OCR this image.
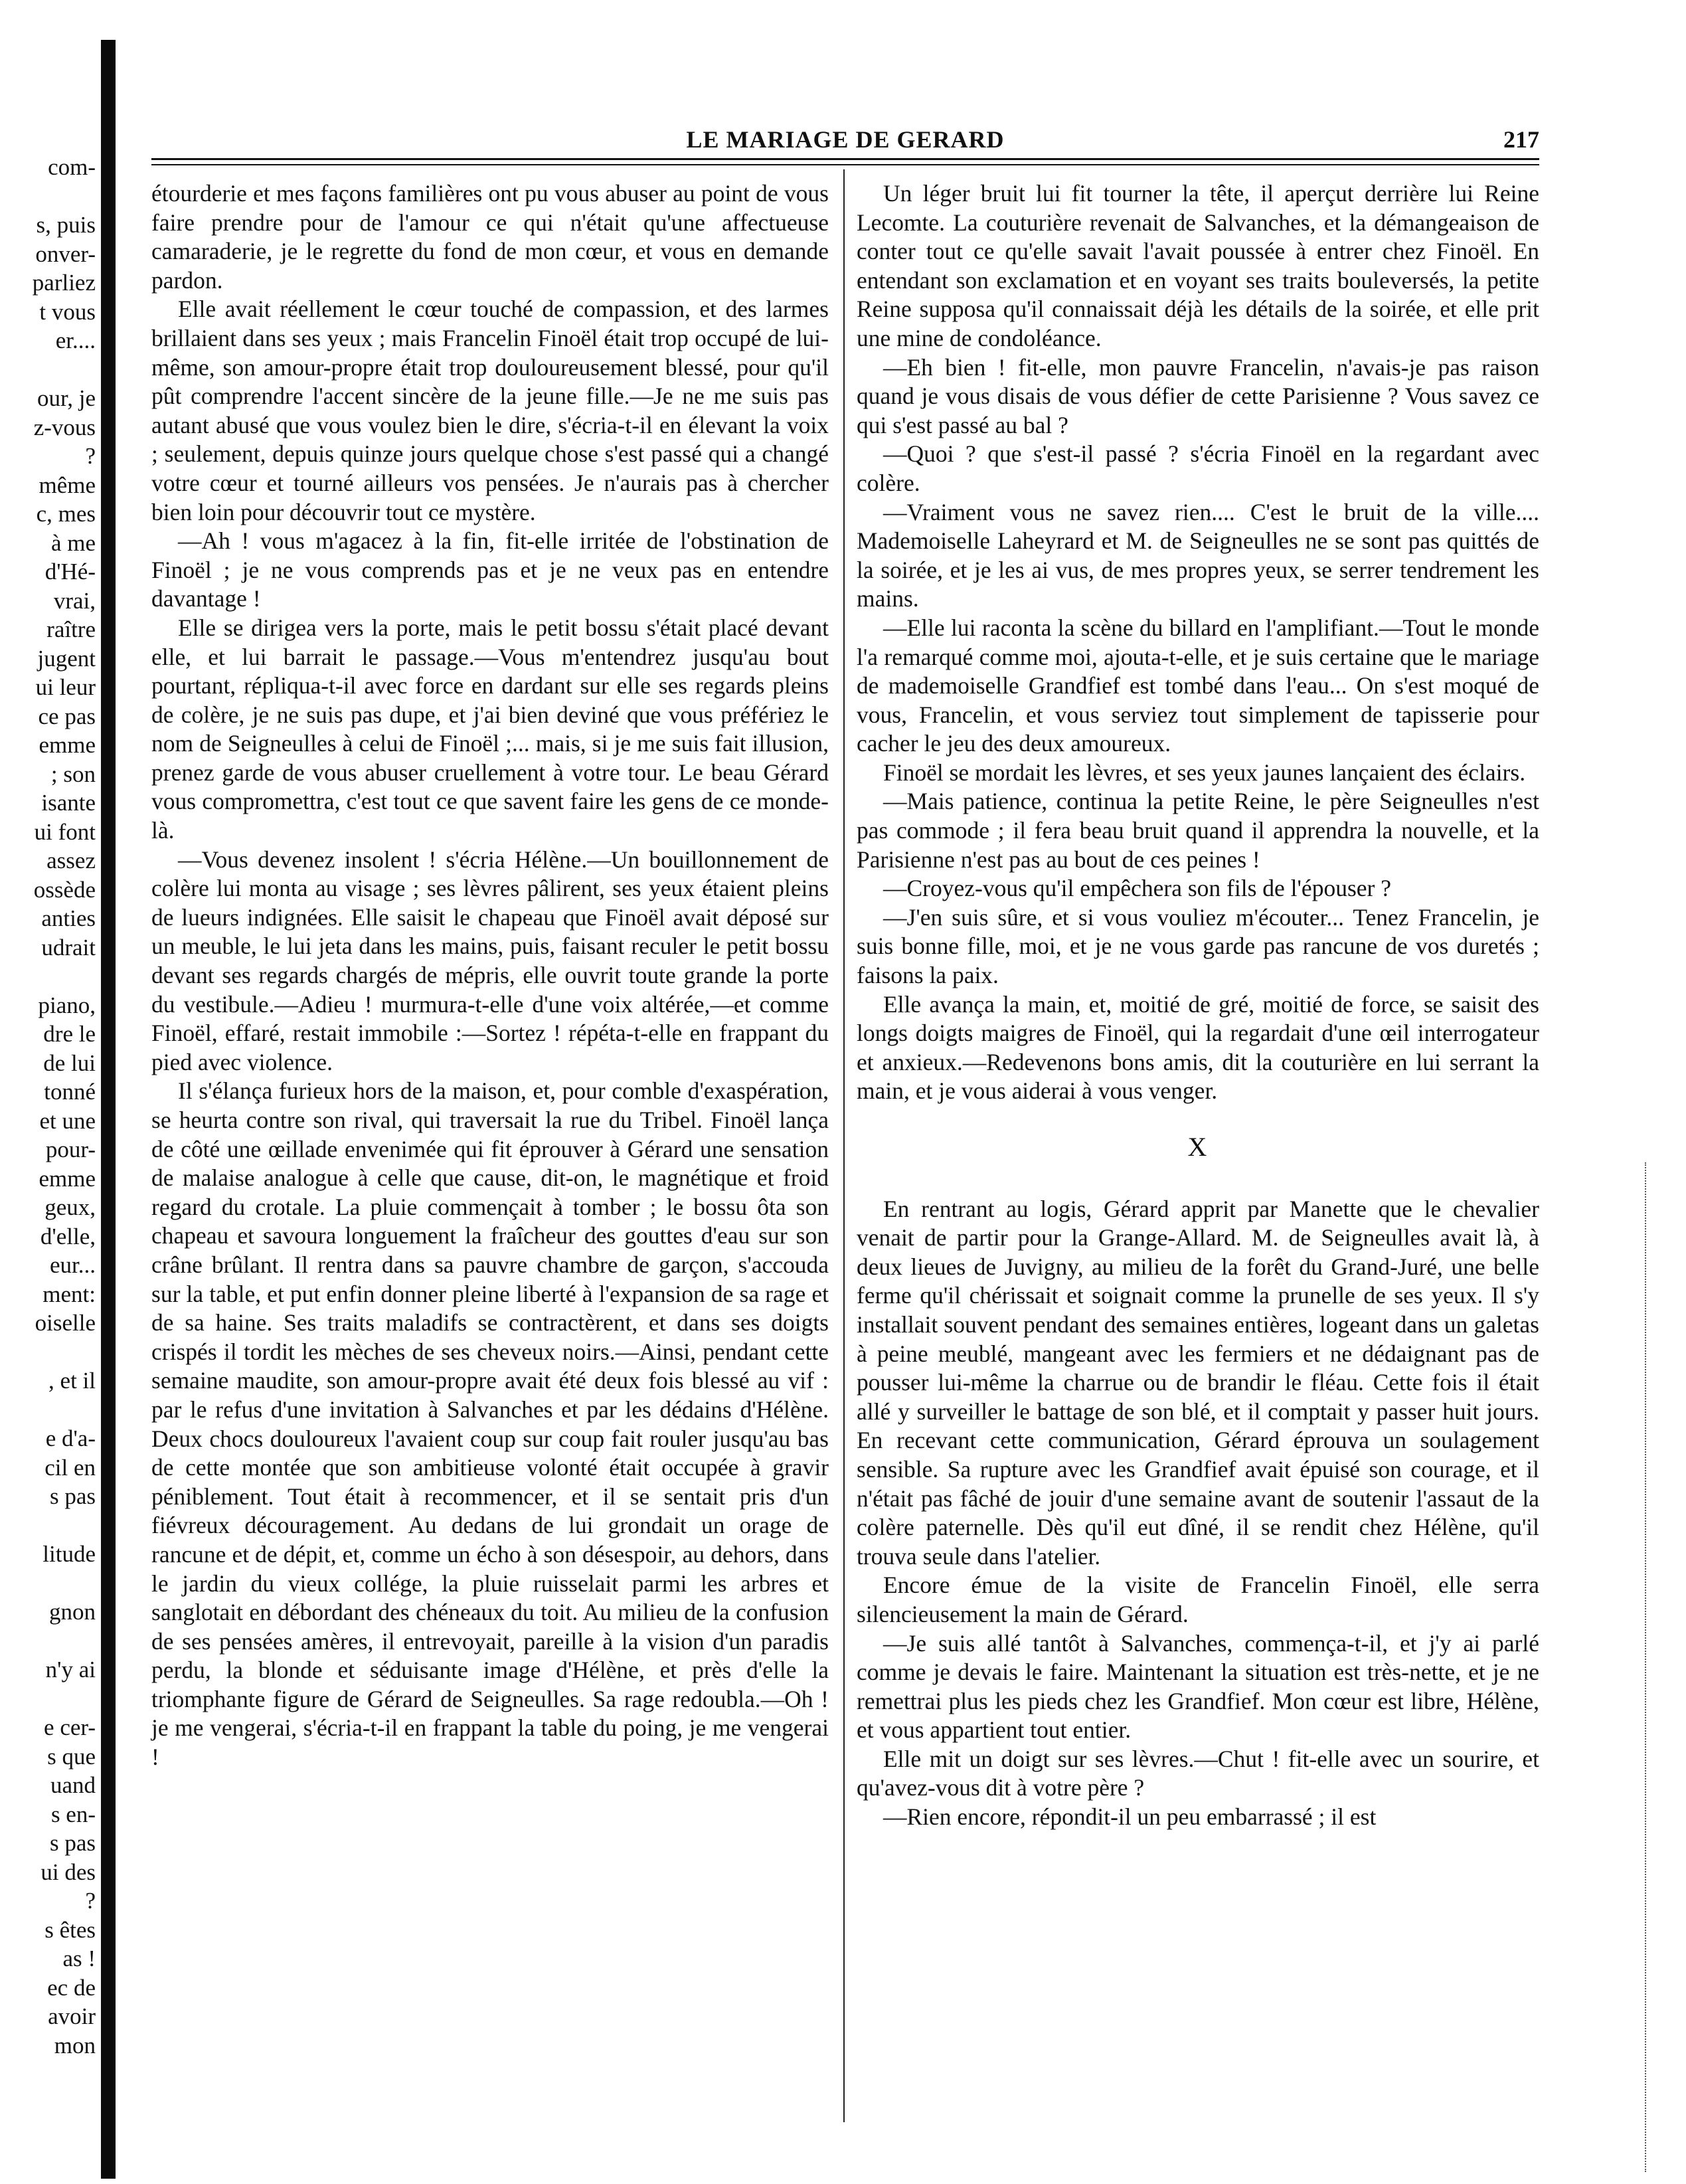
com-
s, puis
onver-
parliez
t vous
er....
our, je
z-vous
?
même
c, mes
à me
d'Hé-
vrai,
raître
jugent
ui leur
ce pas
emme
; son
isante
ui font
assez
ossède
anties
udrait
piano,
dre le
de lui
tonné
et une
pour-
emme
geux,
d'elle,
eur...
ment:
oiselle
, et il
e d'a-
cil en
s pas
litude
gnon
n'y ai
e cer-
s que
uand
s en-
s pas
ui des
?
s êtes
as !
ec de
avoir
mon
LE MARIAGE DE GERARD	217

étourderie et mes façons familières ont pu vous abuser au point de vous faire prendre pour de l'amour ce qui n'était qu'une affectueuse camaraderie, je le regrette du fond de mon cœur, et vous en demande pardon.

Elle avait réellement le cœur touché de compassion, et des larmes brillaient dans ses yeux ; mais Francelin Finoël était trop occupé de lui-même, son amour-propre était trop douloureusement blessé, pour qu'il pût comprendre l'accent sincère de la jeune fille.—Je ne me suis pas autant abusé que vous voulez bien le dire, s'écria-t-il en élevant la voix ; seulement, depuis quinze jours quelque chose s'est passé qui a changé votre cœur et tourné ailleurs vos pensées. Je n'aurais pas à chercher bien loin pour découvrir tout ce mystère.

—Ah ! vous m'agacez à la fin, fit-elle irritée de l'obstination de Finoël ; je ne vous comprends pas et je ne veux pas en entendre davantage !

Elle se dirigea vers la porte, mais le petit bossu s'était placé devant elle, et lui barrait le passage.—Vous m'entendrez jusqu'au bout pourtant, répliqua-t-il avec force en dardant sur elle ses regards pleins de colère, je ne suis pas dupe, et j'ai bien deviné que vous préfériez le nom de Seigneulles à celui de Finoël ;... mais, si je me suis fait illusion, prenez garde de vous abuser cruellement à votre tour. Le beau Gérard vous compromettra, c'est tout ce que savent faire les gens de ce monde-là.

—Vous devenez insolent ! s'écria Hélène.—Un bouillonnement de colère lui monta au visage ; ses lèvres pâlirent, ses yeux étaient pleins de lueurs indignées. Elle saisit le chapeau que Finoël avait déposé sur un meuble, le lui jeta dans les mains, puis, faisant reculer le petit bossu devant ses regards chargés de mépris, elle ouvrit toute grande la porte du vestibule.—Adieu ! murmura-t-elle d'une voix altérée,—et comme Finoël, effaré, restait immobile :—Sortez ! répéta-t-elle en frappant du pied avec violence.

Il s'élança furieux hors de la maison, et, pour comble d'exaspération, se heurta contre son rival, qui traversait la rue du Tribel. Finoël lança de côté une œillade envenimée qui fit éprouver à Gérard une sensation de malaise analogue à celle que cause, dit-on, le magnétique et froid regard du crotale. La pluie commençait à tomber ; le bossu ôta son chapeau et savoura longuement la fraîcheur des gouttes d'eau sur son crâne brûlant. Il rentra dans sa pauvre chambre de garçon, s'accouda sur la table, et put enfin donner pleine liberté à l'expansion de sa rage et de sa haine. Ses traits maladifs se contractèrent, et dans ses doigts crispés il tordit les mèches de ses cheveux noirs.—Ainsi, pendant cette semaine maudite, son amour-propre avait été deux fois blessé au vif : par le refus d'une invitation à Salvanches et par les dédains d'Hélène. Deux chocs douloureux l'avaient coup sur coup fait rouler jusqu'au bas de cette montée que son ambitieuse volonté était occupée à gravir péniblement. Tout était à recommencer, et il se sentait pris d'un fiévreux découragement. Au dedans de lui grondait un orage de rancune et de dépit, et, comme un écho à son désespoir, au dehors, dans le jardin du vieux collége, la pluie ruisselait parmi les arbres et sanglotait en débordant des chéneaux du toit. Au milieu de la confusion de ses pensées amères, il entrevoyait, pareille à la vision d'un paradis perdu, la blonde et séduisante image d'Hélène, et près d'elle la triomphante figure de Gérard de Seigneulles. Sa rage redoubla.—Oh ! je me vengerai, s'écria-t-il en frappant la table du poing, je me vengerai !

Un léger bruit lui fit tourner la tête, il aperçut derrière lui Reine Lecomte. La couturière revenait de Salvanches, et la démangeaison de conter tout ce qu'elle savait l'avait poussée à entrer chez Finoël. En entendant son exclamation et en voyant ses traits bouleversés, la petite Reine supposa qu'il connaissait déjà les détails de la soirée, et elle prit une mine de condoléance.

—Eh bien ! fit-elle, mon pauvre Francelin, n'avais-je pas raison quand je vous disais de vous défier de cette Parisienne ? Vous savez ce qui s'est passé au bal ?

—Quoi ? que s'est-il passé ? s'écria Finoël en la regardant avec colère.

—Vraiment vous ne savez rien.... C'est le bruit de la ville.... Mademoiselle Laheyrard et M. de Seigneulles ne se sont pas quittés de la soirée, et je les ai vus, de mes propres yeux, se serrer tendrement les mains.

—Elle lui raconta la scène du billard en l'amplifiant.—Tout le monde l'a remarqué comme moi, ajouta-t-elle, et je suis certaine que le mariage de mademoiselle Grandfief est tombé dans l'eau... On s'est moqué de vous, Francelin, et vous serviez tout simplement de tapisserie pour cacher le jeu des deux amoureux.

Finoël se mordait les lèvres, et ses yeux jaunes lançaient des éclairs.

—Mais patience, continua la petite Reine, le père Seigneulles n'est pas commode ; il fera beau bruit quand il apprendra la nouvelle, et la Parisienne n'est pas au bout de ces peines !

—Croyez-vous qu'il empêchera son fils de l'épouser ?

—J'en suis sûre, et si vous vouliez m'écouter... Tenez Francelin, je suis bonne fille, moi, et je ne vous garde pas rancune de vos duretés ; faisons la paix.

Elle avança la main, et, moitié de gré, moitié de force, se saisit des longs doigts maigres de Finoël, qui la regardait d'une œil interrogateur et anxieux.—Redevenons bons amis, dit la couturière en lui serrant la main, et je vous aiderai à vous venger.

X

En rentrant au logis, Gérard apprit par Manette que le chevalier venait de partir pour la Grange-Allard. M. de Seigneulles avait là, à deux lieues de Juvigny, au milieu de la forêt du Grand-Juré, une belle ferme qu'il chérissait et soignait comme la prunelle de ses yeux. Il s'y installait souvent pendant des semaines entières, logeant dans un galetas à peine meublé, mangeant avec les fermiers et ne dédaignant pas de pousser lui-même la charrue ou de brandir le fléau. Cette fois il était allé y surveiller le battage de son blé, et il comptait y passer huit jours. En recevant cette communication, Gérard éprouva un soulagement sensible. Sa rupture avec les Grandfief avait épuisé son courage, et il n'était pas fâché de jouir d'une semaine avant de soutenir l'assaut de la colère paternelle. Dès qu'il eut dîné, il se rendit chez Hélène, qu'il trouva seule dans l'atelier.

Encore émue de la visite de Francelin Finoël, elle serra silencieusement la main de Gérard.

—Je suis allé tantôt à Salvanches, commença-t-il, et j'y ai parlé comme je devais le faire. Maintenant la situation est très-nette, et je ne remettrai plus les pieds chez les Grandfief. Mon cœur est libre, Hélène, et vous appartient tout entier.

Elle mit un doigt sur ses lèvres.—Chut ! fit-elle avec un sourire, et qu'avez-vous dit à votre père ?

—Rien encore, répondit-il un peu embarrassé ; il est
